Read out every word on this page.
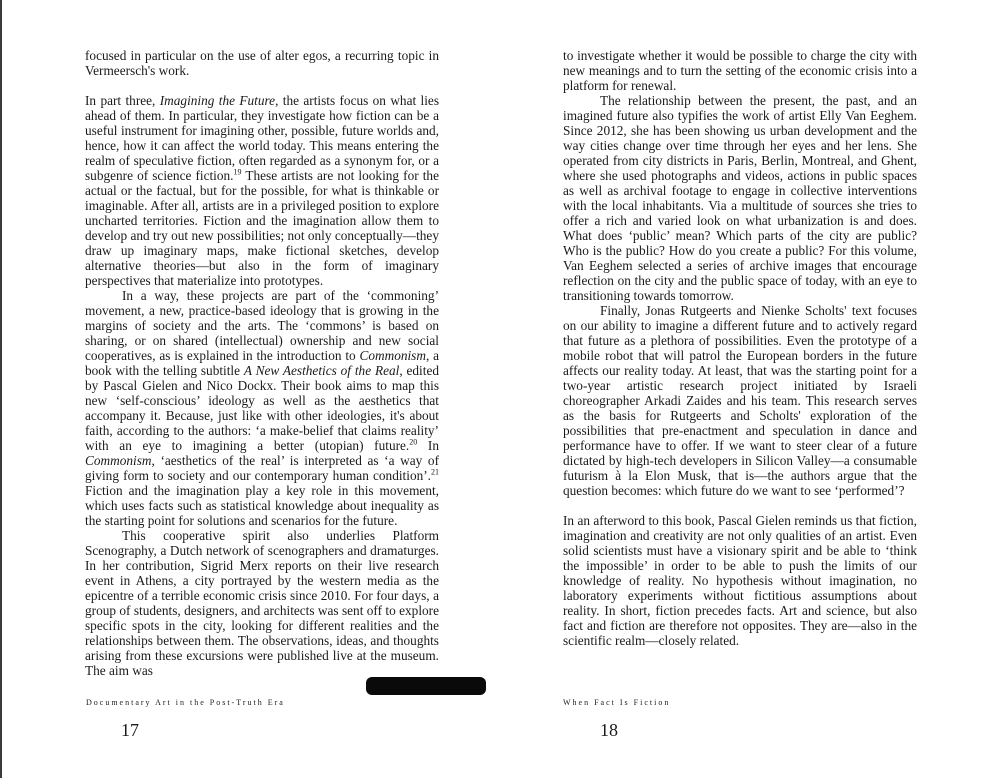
focused in particular on the use of alter egos, a recurring topic in Vermeersch's work.

In part three, Imagining the Future, the artists focus on what lies ahead of them. In particular, they investigate how fiction can be a useful instrument for imagining other, possible, future worlds and, hence, how it can affect the world today. This means entering the realm of speculative fiction, often regarded as a synonym for, or a subgenre of science fiction.$^{19}$ These artists are not looking for the actual or the factual, but for the possible, for what is thinkable or imaginable. After all, artists are in a privileged position to explore uncharted territories. Fiction and the imagination allow them to develop and try out new possibilities; not only conceptually—they draw up imaginary maps, make fictional sketches, develop alternative theories—but also in the form of imaginary perspectives that materialize into prototypes.

In a way, these projects are part of the ‘commoning’ movement, a new, practice-based ideology that is growing in the margins of society and the arts. The ‘commons’ is based on sharing, or on shared (intellectual) ownership and new social cooperatives, as is explained in the introduction to Commonism, a book with the telling subtitle A New Aesthetics of the Real, edited by Pascal Gielen and Nico Dockx. Their book aims to map this new ‘self-conscious’ ideology as well as the aesthetics that accompany it. Because, just like with other ideologies, it's about faith, according to the authors: ‘a make-belief that claims reality’ with an eye to imagining a better (utopian) future.$^{20}$ In Commonism, ‘aesthetics of the real’ is interpreted as ‘a way of giving form to society and our contemporary human condition’.$^{21}$ Fiction and the imagination play a key role in this movement, which uses facts such as statistical knowledge about inequality as the starting point for solutions and scenarios for the future.

This cooperative spirit also underlies Platform Scenography, a Dutch network of scenographers and dramaturges. In her contribution, Sigrid Merx reports on their live research event in Athens, a city portrayed by the western media as the epicentre of a terrible economic crisis since 2010. For four days, a group of students, designers, and architects was sent off to explore specific spots in the city, looking for different realities and the relationships between them. The observations, ideas, and thoughts arising from these excursions were published live at the museum. The aim was

to investigate whether it would be possible to charge the city with new meanings and to turn the setting of the economic crisis into a platform for renewal.

The relationship between the present, the past, and an imagined future also typifies the work of artist Elly Van Eeghem. Since 2012, she has been showing us urban development and the way cities change over time through her eyes and her lens. She operated from city districts in Paris, Berlin, Montreal, and Ghent, where she used photographs and videos, actions in public spaces as well as archival footage to engage in collective interventions with the local inhabitants. Via a multitude of sources she tries to offer a rich and varied look on what urbanization is and does. What does ‘public’ mean? Which parts of the city are public? Who is the public? How do you create a public? For this volume, Van Eeghem selected a series of archive images that encourage reflection on the city and the public space of today, with an eye to transitioning towards tomorrow.

Finally, Jonas Rutgeerts and Nienke Scholts' text focuses on our ability to imagine a different future and to actively regard that future as a plethora of possibilities. Even the prototype of a mobile robot that will patrol the European borders in the future affects our reality today. At least, that was the starting point for a two-year artistic research project initiated by Israeli choreographer Arkadi Zaides and his team. This research serves as the basis for Rutgeerts and Scholts' exploration of the possibilities that pre-enactment and speculation in dance and performance have to offer. If we want to steer clear of a future dictated by high-tech developers in Silicon Valley—a consumable futurism à la Elon Musk, that is—the authors argue that the question becomes: which future do we want to see ‘performed’?

In an afterword to this book, Pascal Gielen reminds us that fiction, imagination and creativity are not only qualities of an artist. Even solid scientists must have a visionary spirit and be able to ‘think the impossible’ in order to be able to push the limits of our knowledge of reality. No hypothesis without imagination, no laboratory experiments without fictitious assumptions about reality. In short, fiction precedes facts. Art and science, but also fact and fiction are therefore not opposites. They are—also in the scientific realm—closely related.

Documentary Art in the Post-Truth Era	When Fact Is Fiction
17	18
